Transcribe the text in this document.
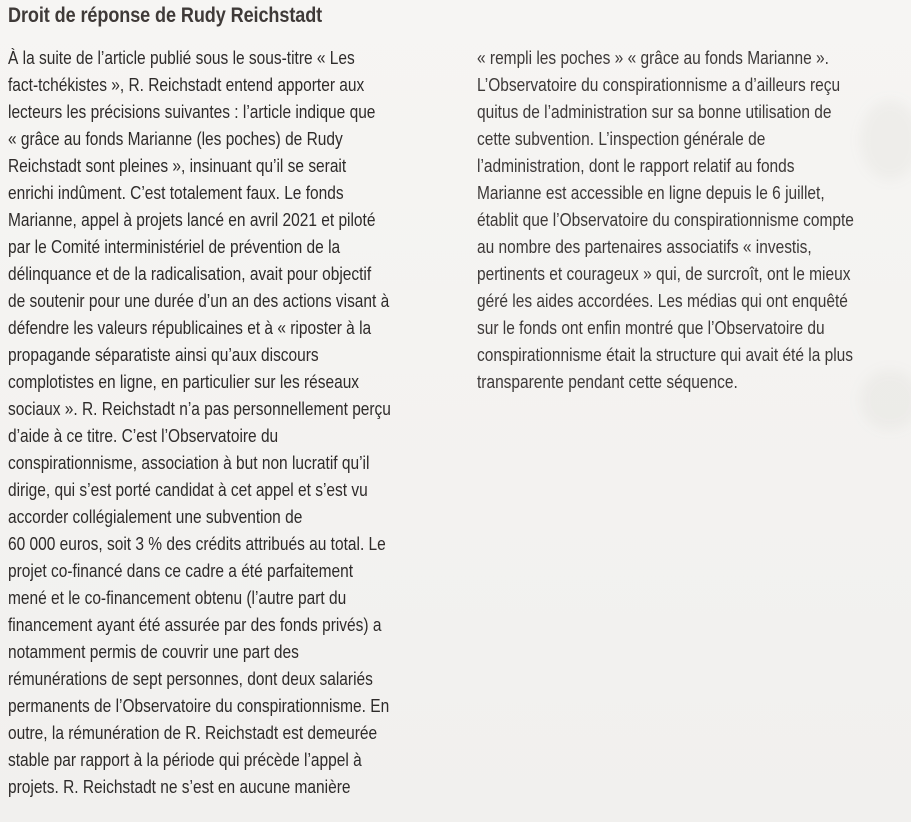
Droit de réponse de Rudy Reichstadt

À la suite de l’article publié sous le sous-titre « Les

fact-tchékistes », R. Reichstadt entend apporter aux

lecteurs les précisions suivantes : l’article indique que

« grâce au fonds Marianne (les poches) de Rudy

Reichstadt sont pleines », insinuant qu’il se serait

enrichi indûment. C’est totalement faux. Le fonds

Marianne, appel à projets lancé en avril 2021 et piloté

par le Comité interministériel de prévention de la

délinquance et de la radicalisation, avait pour objectif

de soutenir pour une durée d’un an des actions visant à

défendre les valeurs républicaines et à « riposter à la

propagande séparatiste ainsi qu’aux discours

complotistes en ligne, en particulier sur les réseaux

sociaux ». R. Reichstadt n’a pas personnellement perçu

d’aide à ce titre. C’est l’Observatoire du

conspirationnisme, association à but non lucratif qu’il

dirige, qui s’est porté candidat à cet appel et s’est vu

accorder collégialement une subvention de

60 000 euros, soit 3 % des crédits attribués au total. Le

projet co-financé dans ce cadre a été parfaitement

mené et le co-financement obtenu (l’autre part du

financement ayant été assurée par des fonds privés) a

notamment permis de couvrir une part des

rémunérations de sept personnes, dont deux salariés

permanents de l’Observatoire du conspirationnisme. En

outre, la rémunération de R. Reichstadt est demeurée

stable par rapport à la période qui précède l’appel à

projets. R. Reichstadt ne s’est en aucune manière

« rempli les poches » « grâce au fonds Marianne ».

L’Observatoire du conspirationnisme a d’ailleurs reçu

quitus de l’administration sur sa bonne utilisation de

cette subvention. L’inspection générale de

l’administration, dont le rapport relatif au fonds

Marianne est accessible en ligne depuis le 6 juillet,

établit que l’Observatoire du conspirationnisme compte

au nombre des partenaires associatifs « investis,

pertinents et courageux » qui, de surcroît, ont le mieux

géré les aides accordées. Les médias qui ont enquêté

sur le fonds ont enfin montré que l’Observatoire du

conspirationnisme était la structure qui avait été la plus

transparente pendant cette séquence.
